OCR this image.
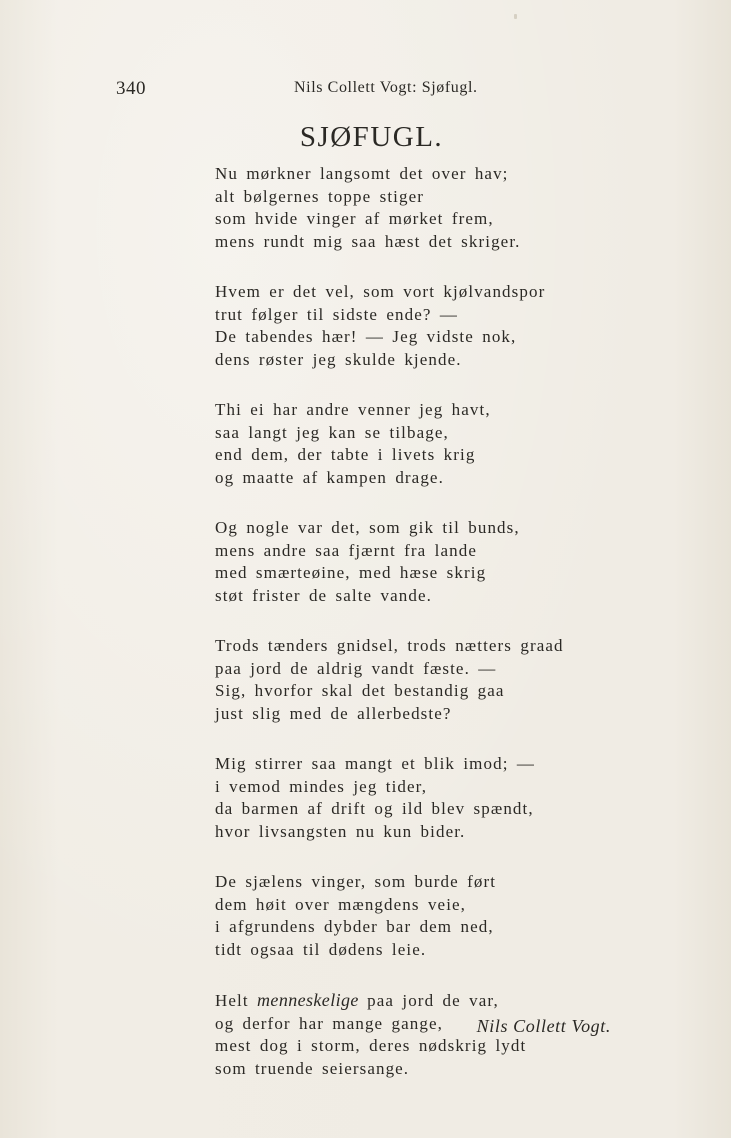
340	Nils Collett Vogt: Sjøfugl.
SJØFUGL.
Nu mørkner langsomt det over hav;
alt bølgernes toppe stiger
som hvide vinger af mørket frem,
mens rundt mig saa hæst det skriger.
Hvem er det vel, som vort kjølvandspor
trut følger til sidste ende? —
De tabendes hær! — Jeg vidste nok,
dens røster jeg skulde kjende.
Thi ei har andre venner jeg havt,
saa langt jeg kan se tilbage,
end dem, der tabte i livets krig
og maatte af kampen drage.
Og nogle var det, som gik til bunds,
mens andre saa fjærnt fra lande
med smærteøine, med hæse skrig
støt frister de salte vande.
Trods tænders gnidsel, trods nætters graad
paa jord de aldrig vandt fæste. —
Sig, hvorfor skal det bestandig gaa
just slig med de allerbedste?
Mig stirrer saa mangt et blik imod; —
i vemod mindes jeg tider,
da barmen af drift og ild blev spændt,
hvor livsangsten nu kun bider.
De sjælens vinger, som burde ført
dem høit over mængdens veie,
i afgrundens dybder bar dem ned,
tidt ogsaa til dødens leie.
Helt menneskelige paa jord de var,
og derfor har mange gange,
mest dog i storm, deres nødskrig lydt
som truende seiersange.
Nils Collett Vogt.
